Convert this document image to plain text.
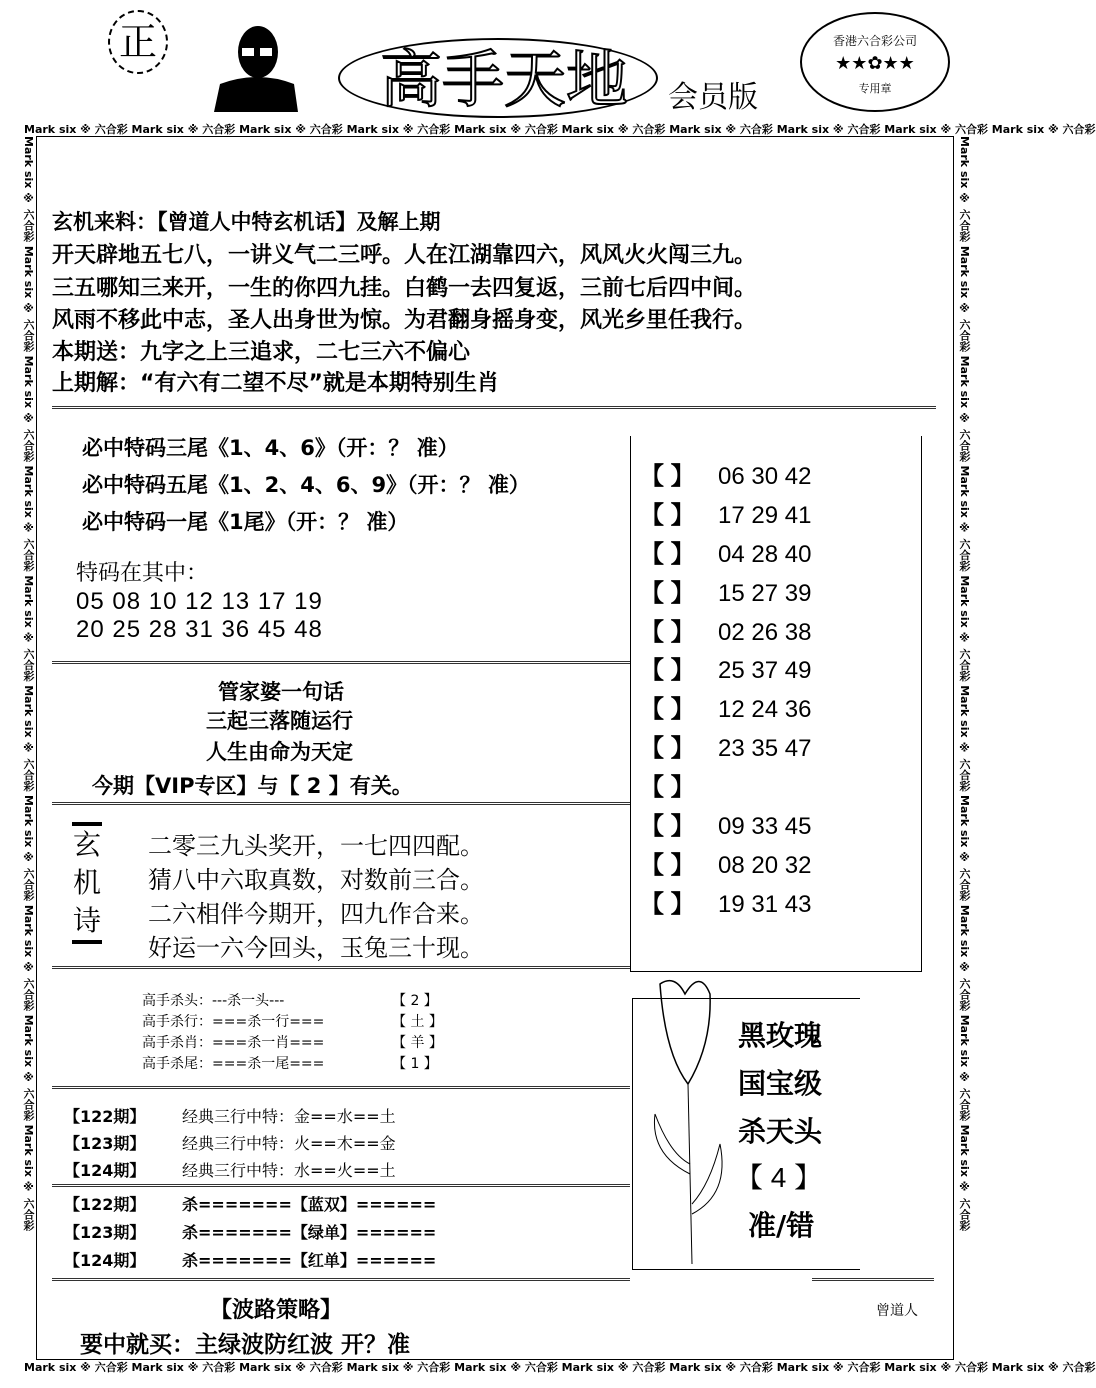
正
高手天地 会员版
香港六合彩公司
★★✿★★
专用章
Mark six ※ 六合彩 Mark six ※ 六合彩 Mark six ※ 六合彩 Mark six ※ 六合彩 Mark six ※ 六合彩 Mark six ※ 六合彩 Mark six ※ 六合彩 Mark six ※ 六合彩 Mark six ※ 六合彩 Mark six ※ 六合彩
Mark six ※ 六合彩 Mark six ※ 六合彩 Mark six ※ 六合彩 Mark six ※ 六合彩 Mark six ※ 六合彩 Mark six ※ 六合彩 Mark six ※ 六合彩 Mark six ※ 六合彩 Mark six ※ 六合彩 Mark six ※ 六合彩
Mark six ※ 六合彩 Mark six ※ 六合彩 Mark six ※ 六合彩 Mark six ※ 六合彩 Mark six ※ 六合彩 Mark six ※ 六合彩 Mark six ※ 六合彩 Mark six ※ 六合彩 Mark six ※ 六合彩 Mark six ※ 六合彩	Mark six ※ 六合彩 Mark six ※ 六合彩 Mark six ※ 六合彩 Mark six ※ 六合彩 Mark six ※ 六合彩 Mark six ※ 六合彩 Mark six ※ 六合彩 Mark six ※ 六合彩 Mark six ※ 六合彩 Mark six ※ 六合彩
玄机来料：【曾道人中特玄机话】及解上期
开天辟地五七八，一讲义气二三呼。人在江湖靠四六，风风火火闯三九。
三五哪知三来开，一生的你四九挂。白鹤一去四复返，三前七后四中间。
风雨不移此中志，圣人出身世为惊。为君翻身摇身变，风光乡里任我行。
本期送：九字之上三追求，二七三六不偏心
上期解：“有六有二望不尽”就是本期特别生肖
必中特码三尾《1、4、6》（开：？ 准）
必中特码五尾《1、2、4、6、9》（开：？ 准）
必中特码一尾《1尾》（开：？ 准）
特码在其中：
05 08 10 12 13 17 19
20 25 28 31 36 45 48
管家婆一句话
三起三落随运行
人生由命为天定
今期【VIP专区】与【 2 】有关。
玄
机
诗
二零三九头奖开，一七四四配。
猜八中六取真数，对数前三合。
二六相伴今期开，四九作合来。
好运一六今回头，玉兔三十现。
【 】 06 30 42
【 】 17 29 41
【 】 04 28 40
【 】 15 27 39
【 】 02 26 38
【 】 25 37 49
【 】 12 24 36
【 】 23 35 47
【 】
【 】 09 33 45
【 】 08 20 32
【 】 19 31 43
高手杀头：---杀一头---	【 2 】
高手杀行：===杀一行===	【 土 】
高手杀肖：===杀一肖===	【 羊 】
高手杀尾：===杀一尾===	【 1 】
黑玫瑰
国宝级
杀天头
【 4 】
准/错
【122期】 经典三行中特：金==水==土
【123期】 经典三行中特：火==木==金
【124期】 经典三行中特：水==火==土
【122期】 杀=======【蓝双】======
【123期】 杀=======【绿单】======
【124期】 杀=======【红单】======
【波路策略】
要中就买：主绿波防红波 开？准
曾道人
